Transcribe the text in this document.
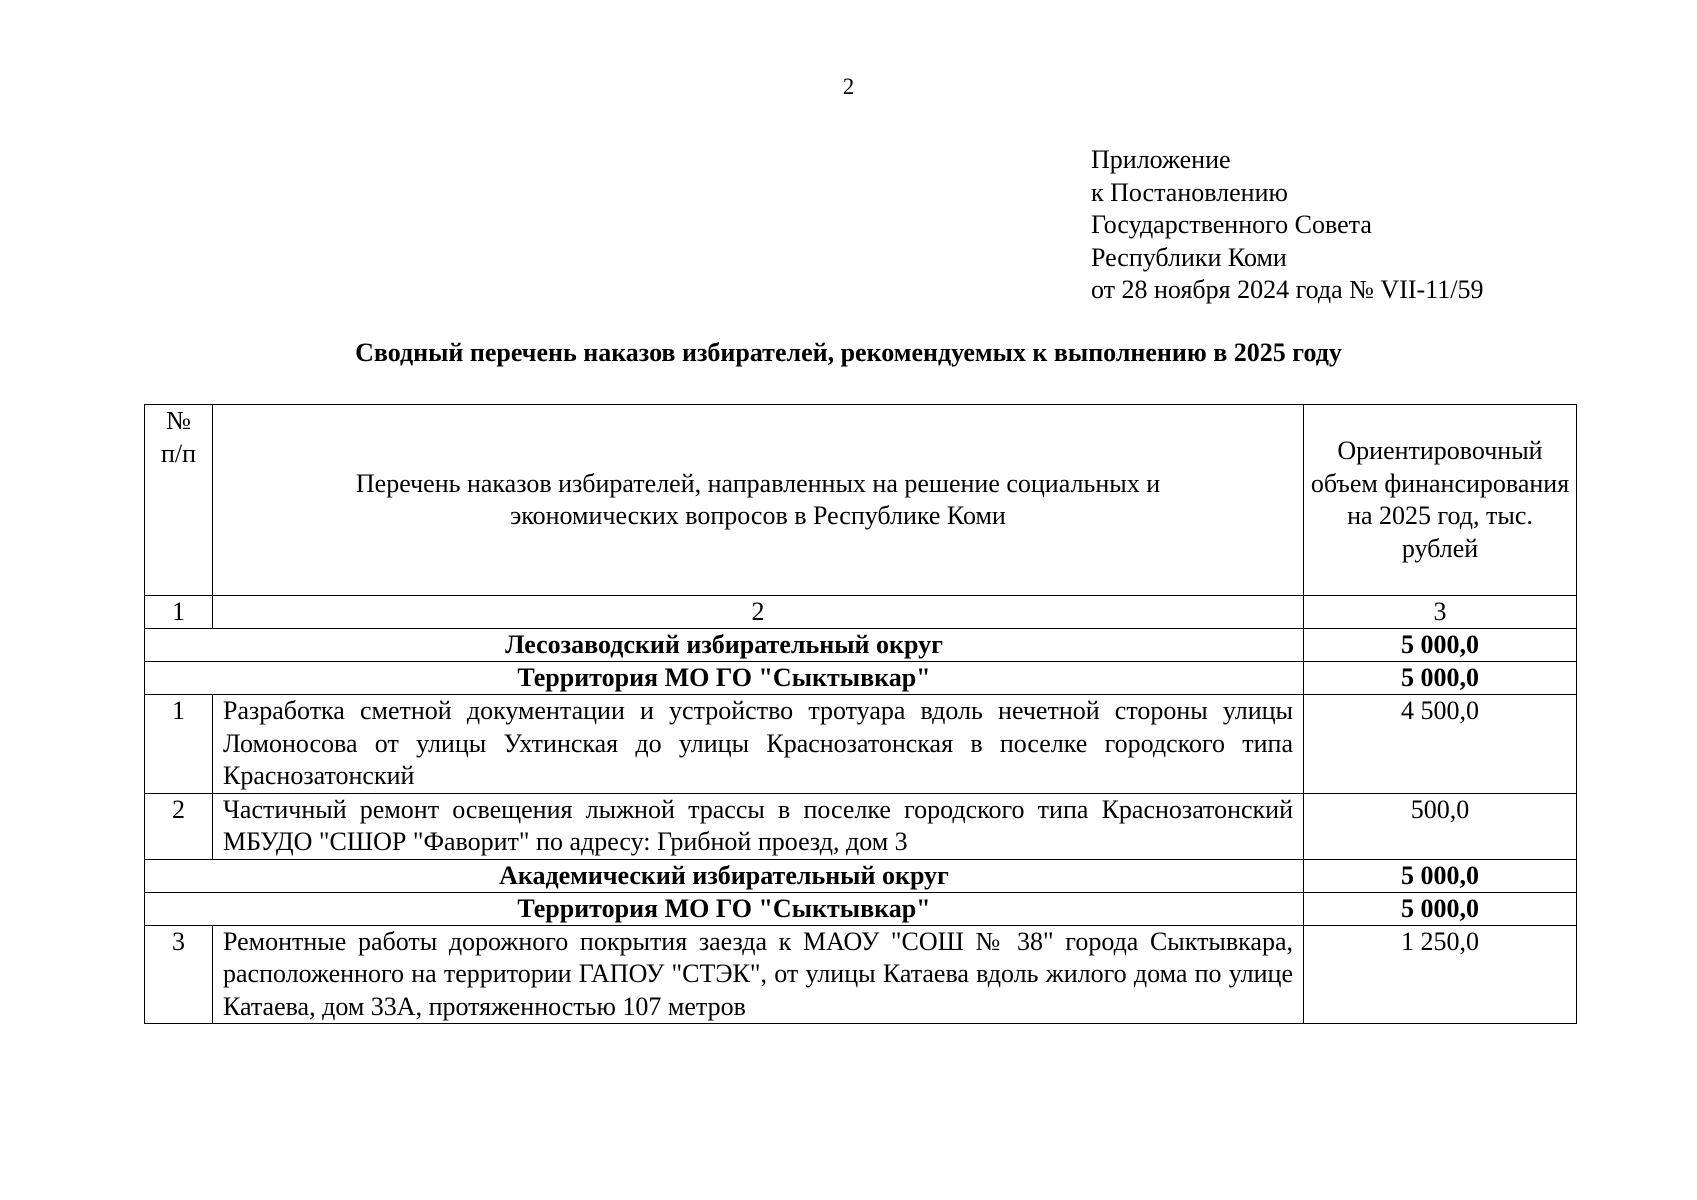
2
Приложение
к Постановлению
Государственного Совета
Республики Коми
от 28 ноября 2024 года № VII-11/59
Сводный перечень наказов избирателей, рекомендуемых к выполнению в 2025 году
№ п/п	Перечень наказов избирателей, направленных на решение социальных и экономических вопросов в Республике Коми	Ориентировочный объем финансирования на 2025 год, тыс. рублей

1	2	3
Лесозаводский избирательный округ		5 000,0
Территория МО ГО "Сыктывкар"		5 000,0
1	Разработка сметной документации и устройство тротуара вдоль нечетной стороны улицы Ломоносова от улицы Ухтинская до улицы Краснозатонская в поселке городского типа Краснозатонский	4 500,0
2	Частичный ремонт освещения лыжной трассы в поселке городского типа Краснозатонский МБУДО "СШОР "Фаворит" по адресу: Грибной проезд, дом 3	500,0
Академический избирательный округ		5 000,0
Территория МО ГО "Сыктывкар"		5 000,0
3	Ремонтные работы дорожного покрытия заезда к МАОУ "СОШ № 38" города Сыктывкара, расположенного на территории ГАПОУ "СТЭК", от улицы Катаева вдоль жилого дома по улице Катаева, дом 33А, протяженностью 107 метров	1 250,0
